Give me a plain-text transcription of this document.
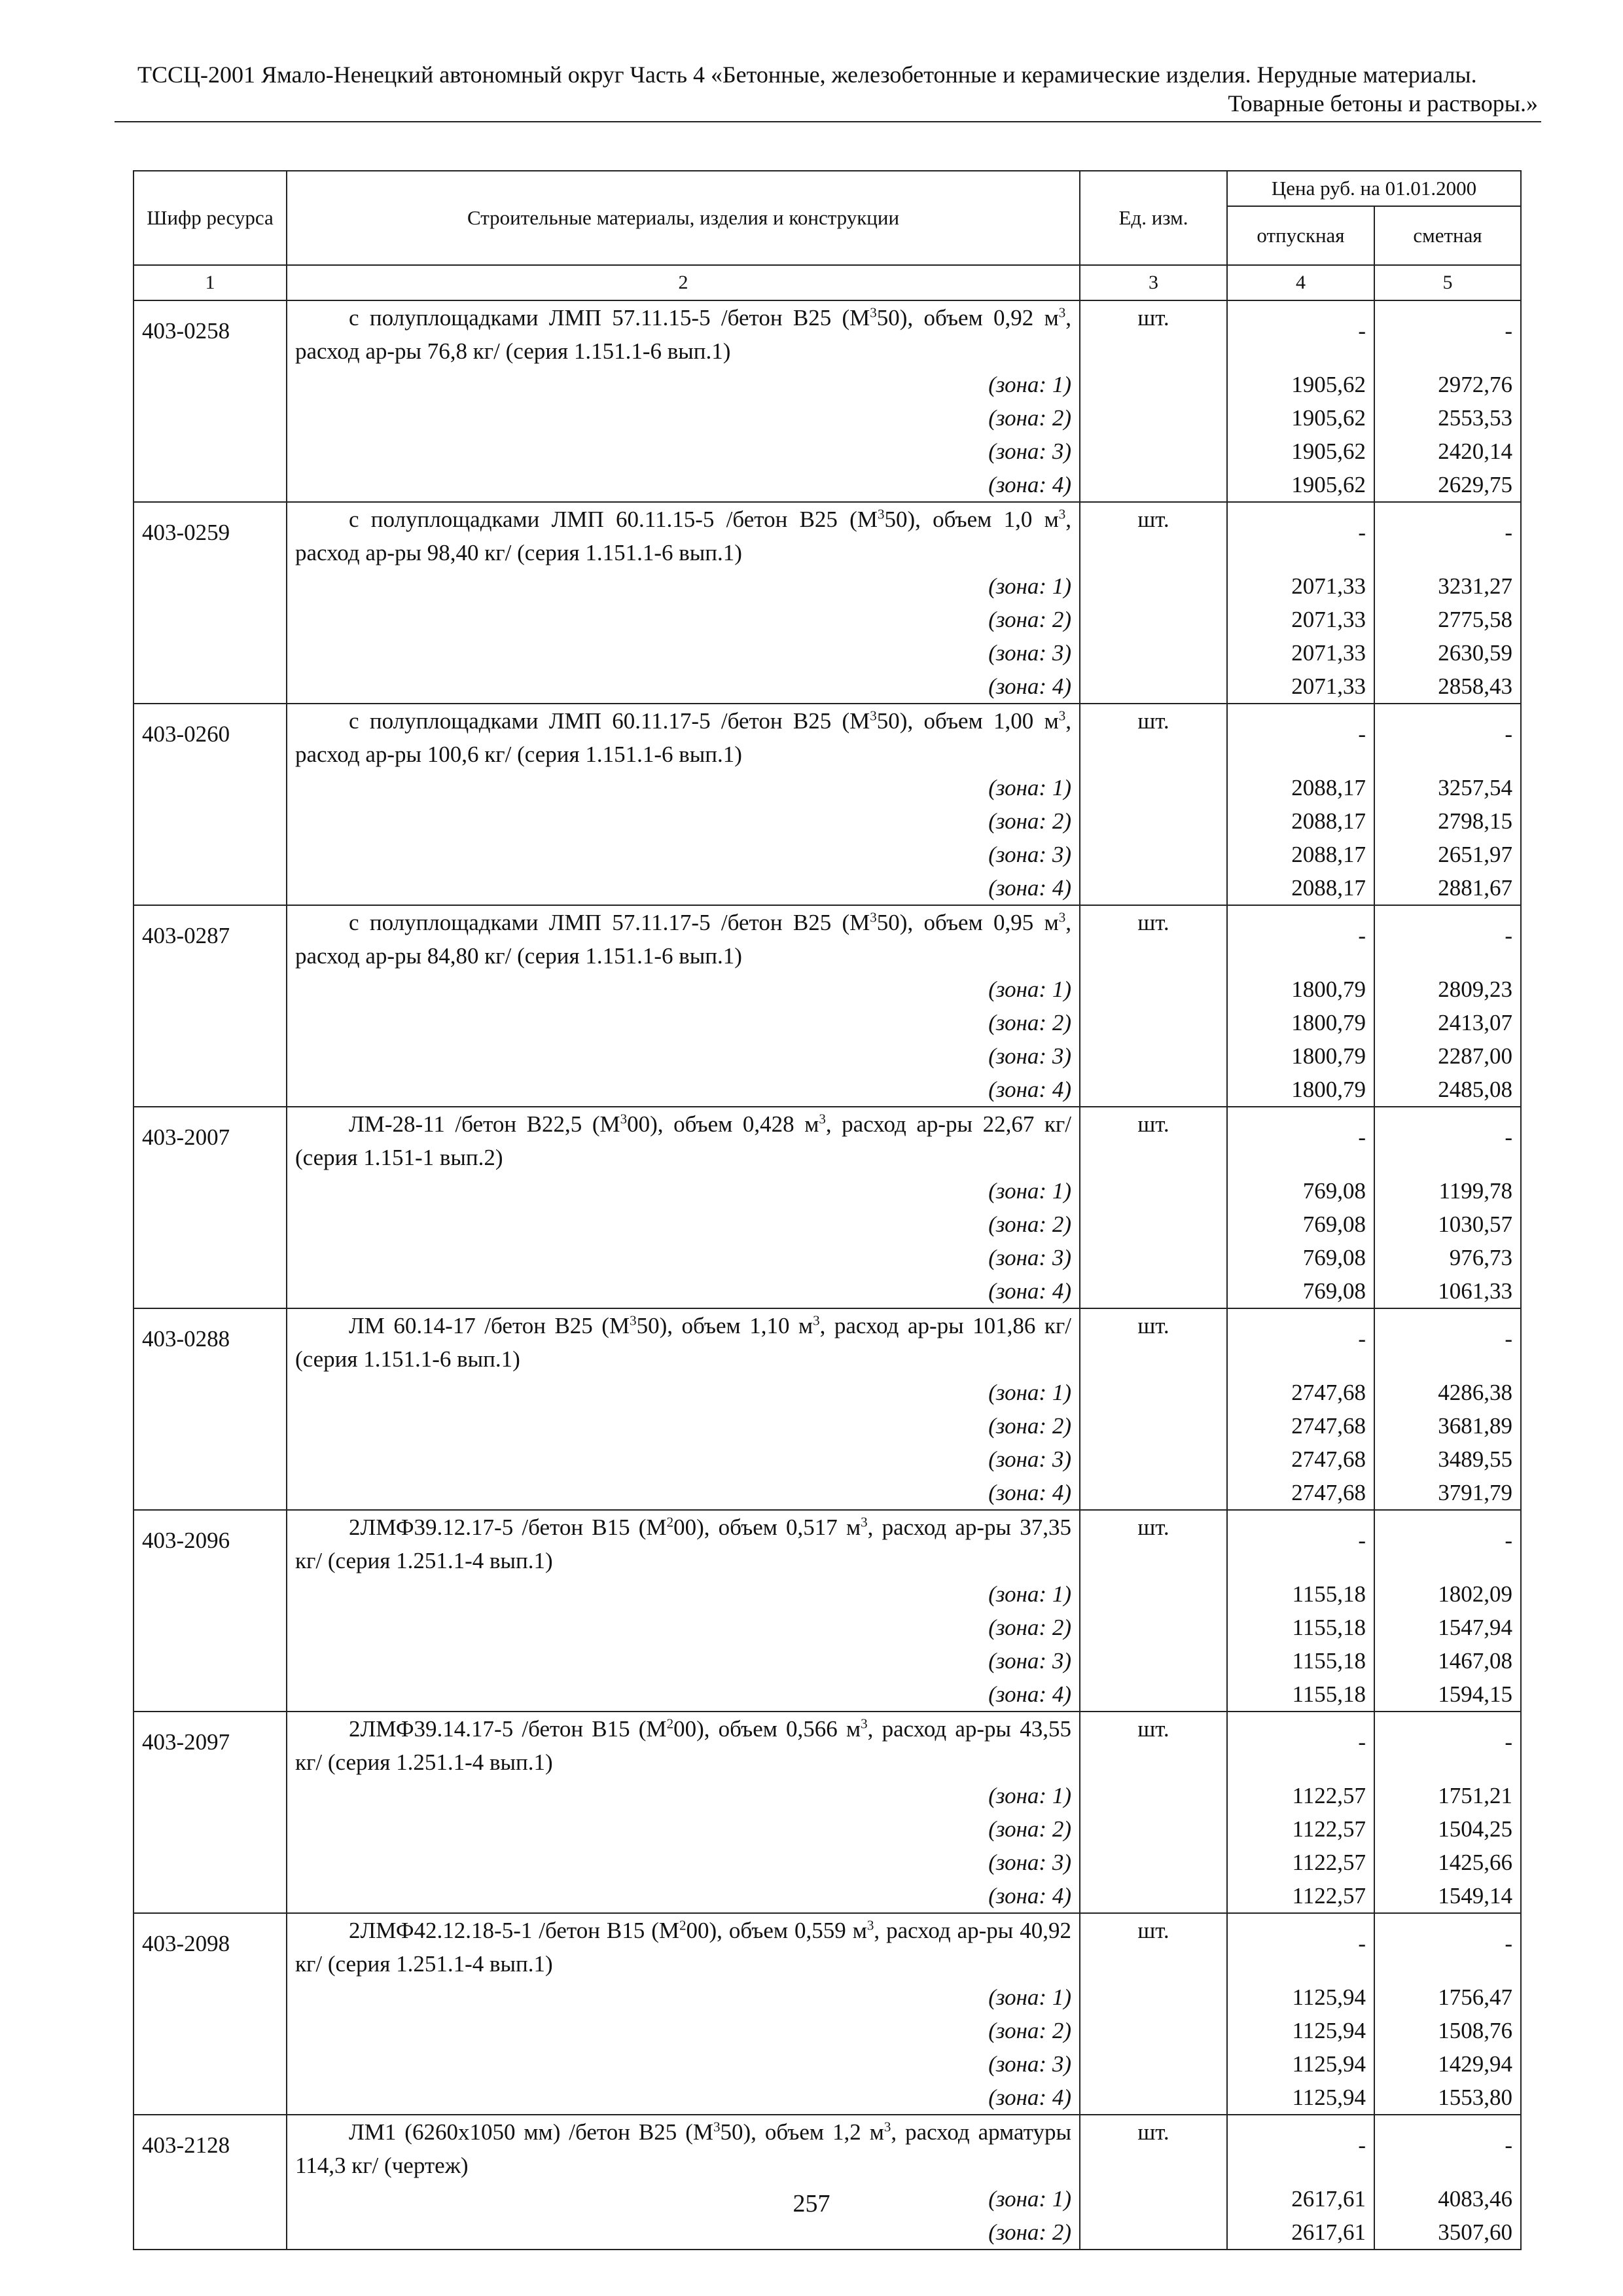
ТССЦ-2001 Ямало-Ненецкий автономный округ Часть 4 «Бетонные, железобетонные и керамические изделия. Нерудные материалы.
Товарные бетоны и растворы.»
Шифр ресурса	Строительные материалы, изделия и конструкции	Ед. изм.	Цена руб. на 01.01.2000	
			отпускная	сметная
1	2	3	4	5
403-0258	с полуплощадками ЛМП 57.11.15-5 /бетон В25 $(М^350)$, объем 0,92 $м^3$, расход ар-ры 76,8 кг/ (серия 1.151.1-6 вып.1)	шт.	-	-
	(зона: 1)		1905,62	2972,76
	(зона: 2)		1905,62	2553,53
	(зона: 3)		1905,62	2420,14
	(зона: 4)		1905,62	2629,75
403-0259	с полуплощадками ЛМП 60.11.15-5 /бетон В25 $(М^350)$, объем 1,0 $м^3$, расход ар-ры 98,40 кг/ (серия 1.151.1-6 вып.1)	шт.	-	-
	(зона: 1)		2071,33	3231,27
	(зона: 2)		2071,33	2775,58
	(зона: 3)		2071,33	2630,59
	(зона: 4)		2071,33	2858,43
403-0260	с полуплощадками ЛМП 60.11.17-5 /бетон В25 $(М^350)$, объем 1,00 $м^3$, расход ар-ры 100,6 кг/ (серия 1.151.1-6 вып.1)	шт.	-	-
	(зона: 1)		2088,17	3257,54
	(зона: 2)		2088,17	2798,15
	(зона: 3)		2088,17	2651,97
	(зона: 4)		2088,17	2881,67
403-0287	с полуплощадками ЛМП 57.11.17-5 /бетон В25 $(М^350)$, объем 0,95 $м^3$, расход ар-ры 84,80 кг/ (серия 1.151.1-6 вып.1)	шт.	-	-
	(зона: 1)		1800,79	2809,23
	(зона: 2)		1800,79	2413,07
	(зона: 3)		1800,79	2287,00
	(зона: 4)		1800,79	2485,08
403-2007	ЛМ-28-11 /бетон В22,5 $(М^300)$, объем 0,428 $м^3$, расход ар-ры 22,67 кг/ (серия 1.151-1 вып.2)	шт.	-	-
	(зона: 1)		769,08	1199,78
	(зона: 2)		769,08	1030,57
	(зона: 3)		769,08	976,73
	(зона: 4)		769,08	1061,33
403-0288	ЛМ 60.14-17 /бетон В25 $(М^350)$, объем 1,10 $м^3$, расход ар-ры 101,86 кг/ (серия 1.151.1-6 вып.1)	шт.	-	-
	(зона: 1)		2747,68	4286,38
	(зона: 2)		2747,68	3681,89
	(зона: 3)		2747,68	3489,55
	(зона: 4)		2747,68	3791,79
403-2096	2ЛМФ39.12.17-5 /бетон В15 $(М^200)$, объем 0,517 $м^3$, расход ар-ры 37,35 кг/ (серия 1.251.1-4 вып.1)	шт.	-	-
	(зона: 1)		1155,18	1802,09
	(зона: 2)		1155,18	1547,94
	(зона: 3)		1155,18	1467,08
	(зона: 4)		1155,18	1594,15
403-2097	2ЛМФ39.14.17-5 /бетон В15 $(М^200)$, объем 0,566 $м^3$, расход ар-ры 43,55 кг/ (серия 1.251.1-4 вып.1)	шт.	-	-
	(зона: 1)		1122,57	1751,21
	(зона: 2)		1122,57	1504,25
	(зона: 3)		1122,57	1425,66
	(зона: 4)		1122,57	1549,14
403-2098	2ЛМФ42.12.18-5-1 /бетон В15 $(М^200)$, объем 0,559 $м^3$, расход ар-ры 40,92 кг/ (серия 1.251.1-4 вып.1)	шт.	-	-
	(зона: 1)		1125,94	1756,47
	(зона: 2)		1125,94	1508,76
	(зона: 3)		1125,94	1429,94
	(зона: 4)		1125,94	1553,80
403-2128	ЛМ1 (6260х1050 мм) /бетон В25 $(М^350)$, объем 1,2 $м^3$, расход арматуры 114,3 кг/ (чертеж)	шт.	-	-
	(зона: 1)		2617,61	4083,46
	(зона: 2)		2617,61	3507,60
257
